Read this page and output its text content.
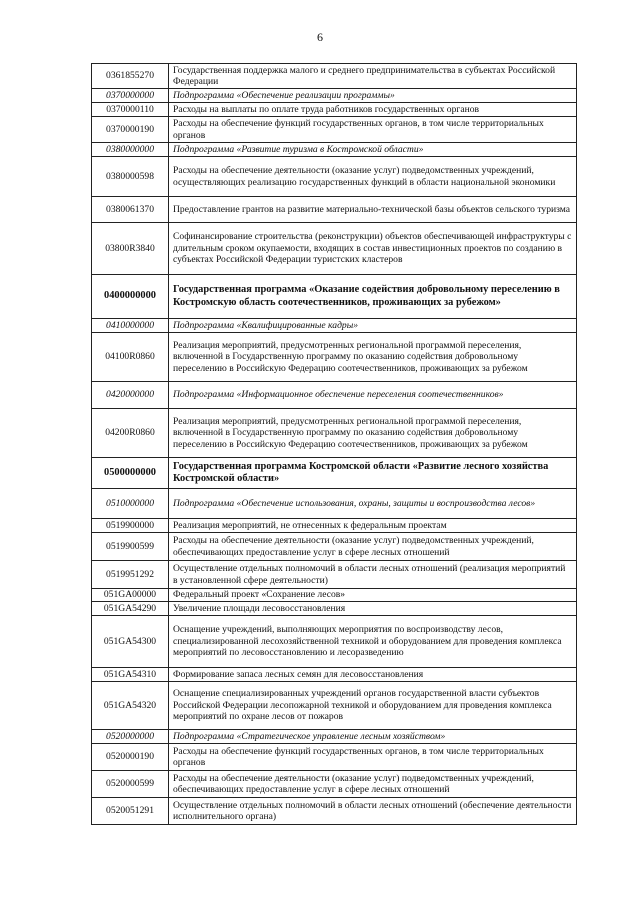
6
0361855270	Государственная поддержка малого и среднего предпринимательства в субъектах Российской Федерации
0370000000	Подпрограмма «Обеспечение реализации программы»
0370000110	Расходы на выплаты по оплате труда работников государственных органов
0370000190	Расходы на обеспечение функций государственных органов, в том числе территориальных органов
0380000000	Подпрограмма «Развитие туризма в Костромской области»
0380000598	Расходы на обеспечение деятельности (оказание услуг) подведомственных учреждений, осуществляющих реализацию государственных функций в области национальной экономики
0380061370	Предоставление грантов на развитие материально-технической базы объектов сельского туризма
03800R3840	Софинансирование строительства (реконструкции) объектов обеспечивающей инфраструктуры с длительным сроком окупаемости, входящих в состав инвестиционных проектов по созданию в субъектах Российской Федерации туристских кластеров
0400000000	Государственная программа «Оказание содействия добровольному переселению в Костромскую область соотечественников, проживающих за рубежом»
0410000000	Подпрограмма «Квалифицированные кадры»
04100R0860	Реализация мероприятий, предусмотренных региональной программой переселения, включенной в Государственную программу по оказанию содействия добровольному переселению в Российскую Федерацию соотечественников, проживающих за рубежом
0420000000	Подпрограмма «Информационное обеспечение переселения соотечественников»
04200R0860	Реализация мероприятий, предусмотренных региональной программой переселения, включенной в Государственную программу по оказанию содействия добровольному переселению в Российскую Федерацию соотечественников, проживающих за рубежом
0500000000	Государственная программа Костромской области «Развитие лесного хозяйства Костромской области»
0510000000	Подпрограмма «Обеспечение использования, охраны, защиты и воспроизводства лесов»
0519900000	Реализация мероприятий, не отнесенных к федеральным проектам
0519900599	Расходы на обеспечение деятельности (оказание услуг) подведомственных учреждений, обеспечивающих предоставление услуг в сфере лесных отношений
0519951292	Осуществление отдельных полномочий в области лесных отношений (реализация мероприятий в установленной сфере деятельности)
051GA00000	Федеральный проект «Сохранение лесов»
051GA54290	Увеличение площади лесовосстановления
051GA54300	Оснащение учреждений, выполняющих мероприятия по воспроизводству лесов, специализированной лесохозяйственной техникой и оборудованием для проведения комплекса мероприятий по лесовосстановлению и лесоразведению
051GA54310	Формирование запаса лесных семян для лесовосстановления
051GA54320	Оснащение специализированных учреждений органов государственной власти субъектов Российской Федерации лесопожарной техникой и оборудованием для проведения комплекса мероприятий по охране лесов от пожаров
0520000000	Подпрограмма «Стратегическое управление лесным хозяйством»
0520000190	Расходы на обеспечение функций государственных органов, в том числе территориальных органов
0520000599	Расходы на обеспечение деятельности (оказание услуг) подведомственных учреждений, обеспечивающих предоставление услуг в сфере лесных отношений
0520051291	Осуществление отдельных полномочий в области лесных отношений (обеспечение деятельности исполнительного органа)
